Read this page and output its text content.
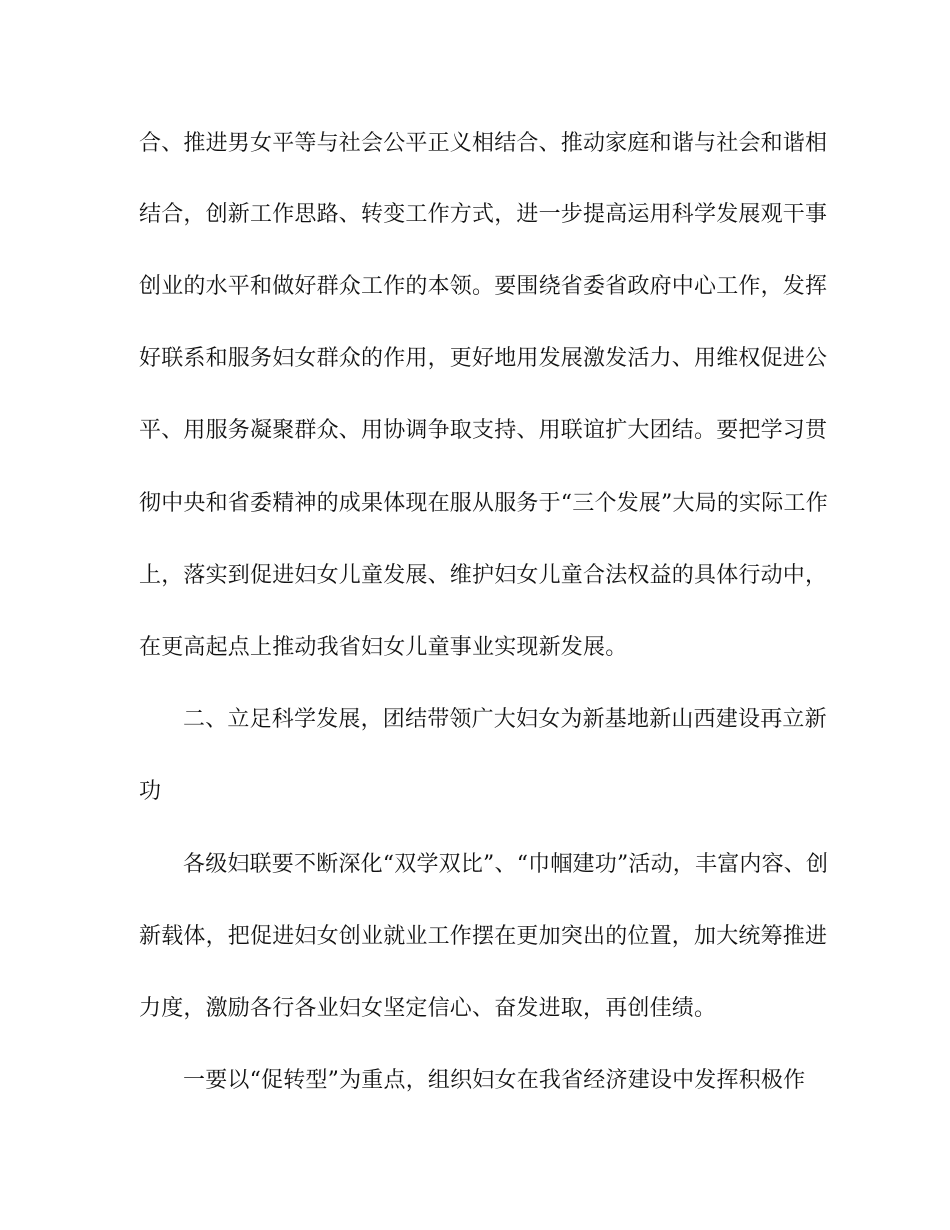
合、推进男女平等与社会公平正义相结合、推动家庭和谐与社会和谐相
结合，创新工作思路、转变工作方式，进一步提高运用科学发展观干事
创业的水平和做好群众工作的本领。要围绕省委省政府中心工作，发挥
好联系和服务妇女群众的作用，更好地用发展激发活力、用维权促进公
平、用服务凝聚群众、用协调争取支持、用联谊扩大团结。要把学习贯
彻中央和省委精神的成果体现在服从服务于“三个发展”大局的实际工作
上，落实到促进妇女儿童发展、维护妇女儿童合法权益的具体行动中，
在更高起点上推动我省妇女儿童事业实现新发展。
二、立足科学发展，团结带领广大妇女为新基地新山西建设再立新
功
各级妇联要不断深化“双学双比”、“巾帼建功”活动，丰富内容、创
新载体，把促进妇女创业就业工作摆在更加突出的位置，加大统筹推进
力度，激励各行各业妇女坚定信心、奋发进取，再创佳绩。
一要以“促转型”为重点，组织妇女在我省经济建设中发挥积极作
